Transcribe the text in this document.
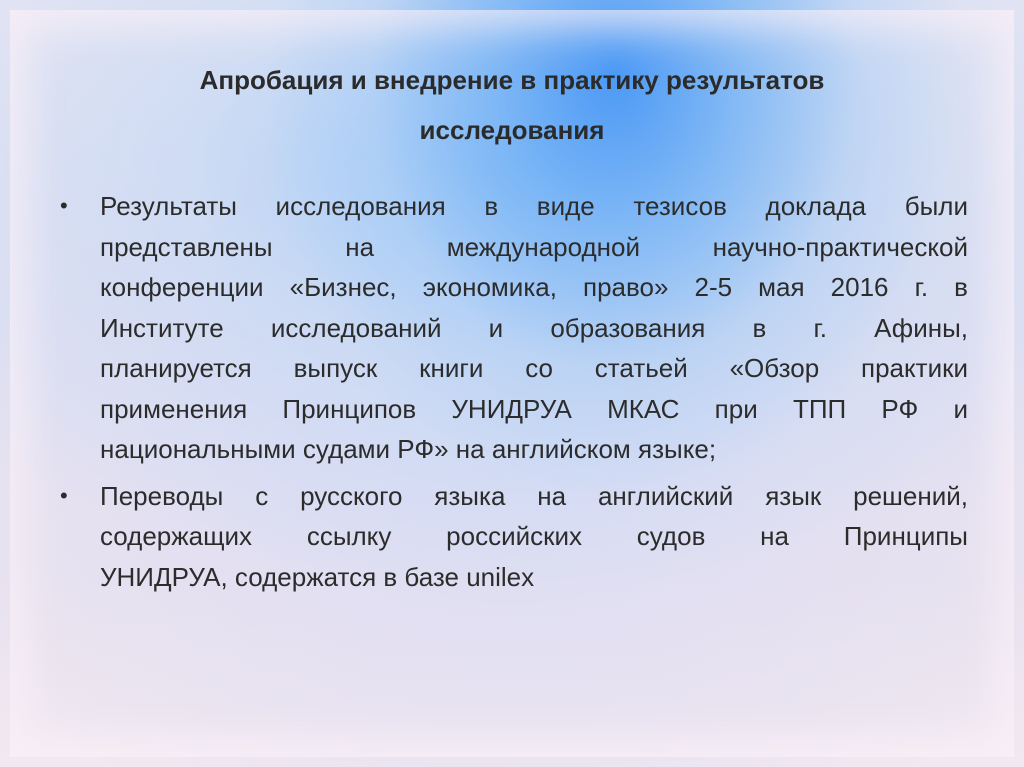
Апробация и внедрение в практику результатов
исследования
• Результаты исследования в виде тезисов доклада были
представлены на международной научно-практической
конференции «Бизнес, экономика, право» 2-5 мая 2016 г. в
Институте исследований и образования в г. Афины,
планируется выпуск книги со статьей «Обзор практики
применения Принципов УНИДРУА МКАС при ТПП РФ и
национальными судами РФ» на английском языке;
• Переводы с русского языка на английский язык решений,
содержащих ссылку российских судов на Принципы
УНИДРУА, содержатся в базе unilex
